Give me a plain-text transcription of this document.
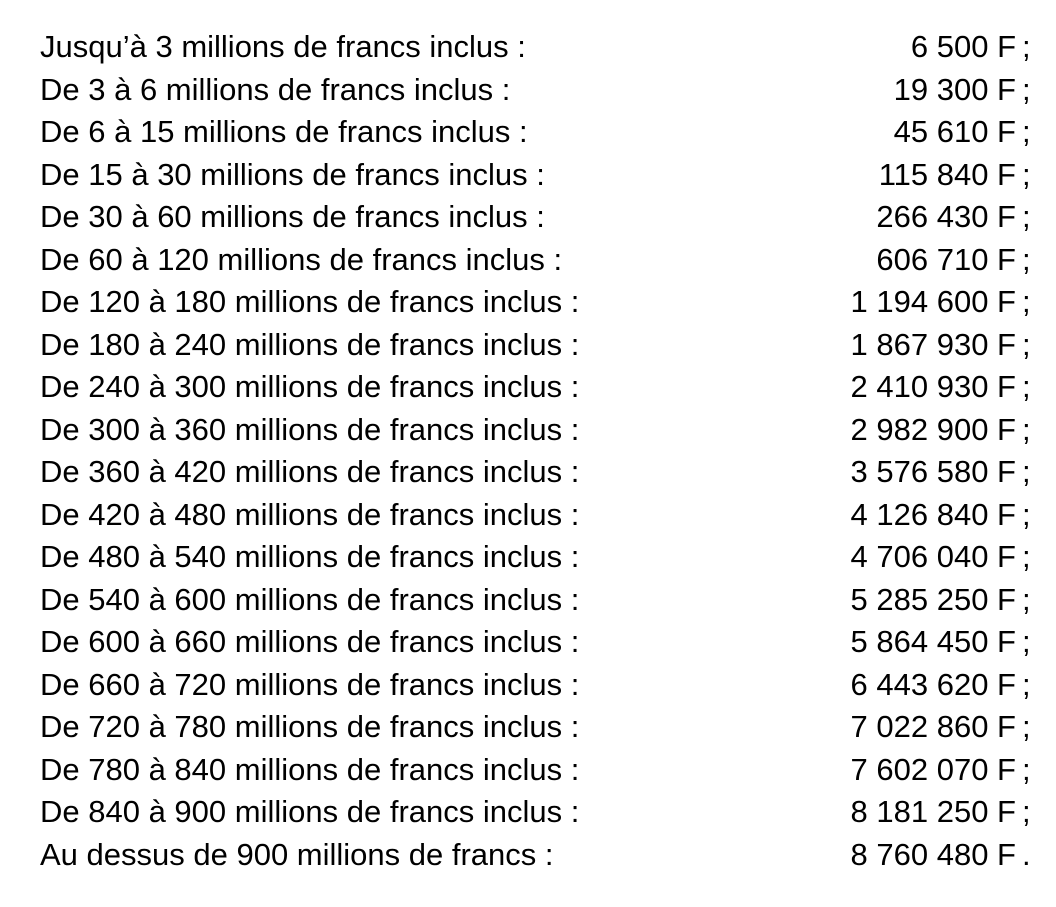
Jusqu’à 3 millions de francs inclus :	6 500 F ;
De 3 à 6 millions de francs inclus :	19 300 F ;
De 6 à 15 millions de francs inclus :	45 610 F ;
De 15 à 30 millions de francs inclus :	115 840 F ;
De 30 à 60 millions de francs inclus :	266 430 F ;
De 60 à 120 millions de francs inclus :	606 710 F ;
De 120 à 180 millions de francs inclus :	1 194 600 F ;
De 180 à 240 millions de francs inclus :	1 867 930 F ;
De 240 à 300 millions de francs inclus :	2 410 930 F ;
De 300 à 360 millions de francs inclus :	2 982 900 F ;
De 360 à 420 millions de francs inclus :	3 576 580 F ;
De 420 à 480 millions de francs inclus :	4 126 840 F ;
De 480 à 540 millions de francs inclus :	4 706 040 F ;
De 540 à 600 millions de francs inclus :	5 285 250 F ;
De 600 à 660 millions de francs inclus :	5 864 450 F ;
De 660 à 720 millions de francs inclus :	6 443 620 F ;
De 720 à 780 millions de francs inclus :	7 022 860 F ;
De 780 à 840 millions de francs inclus :	7 602 070 F ;
De 840 à 900 millions de francs inclus :	8 181 250 F ;
Au dessus de 900 millions de francs :	8 760 480 F .
